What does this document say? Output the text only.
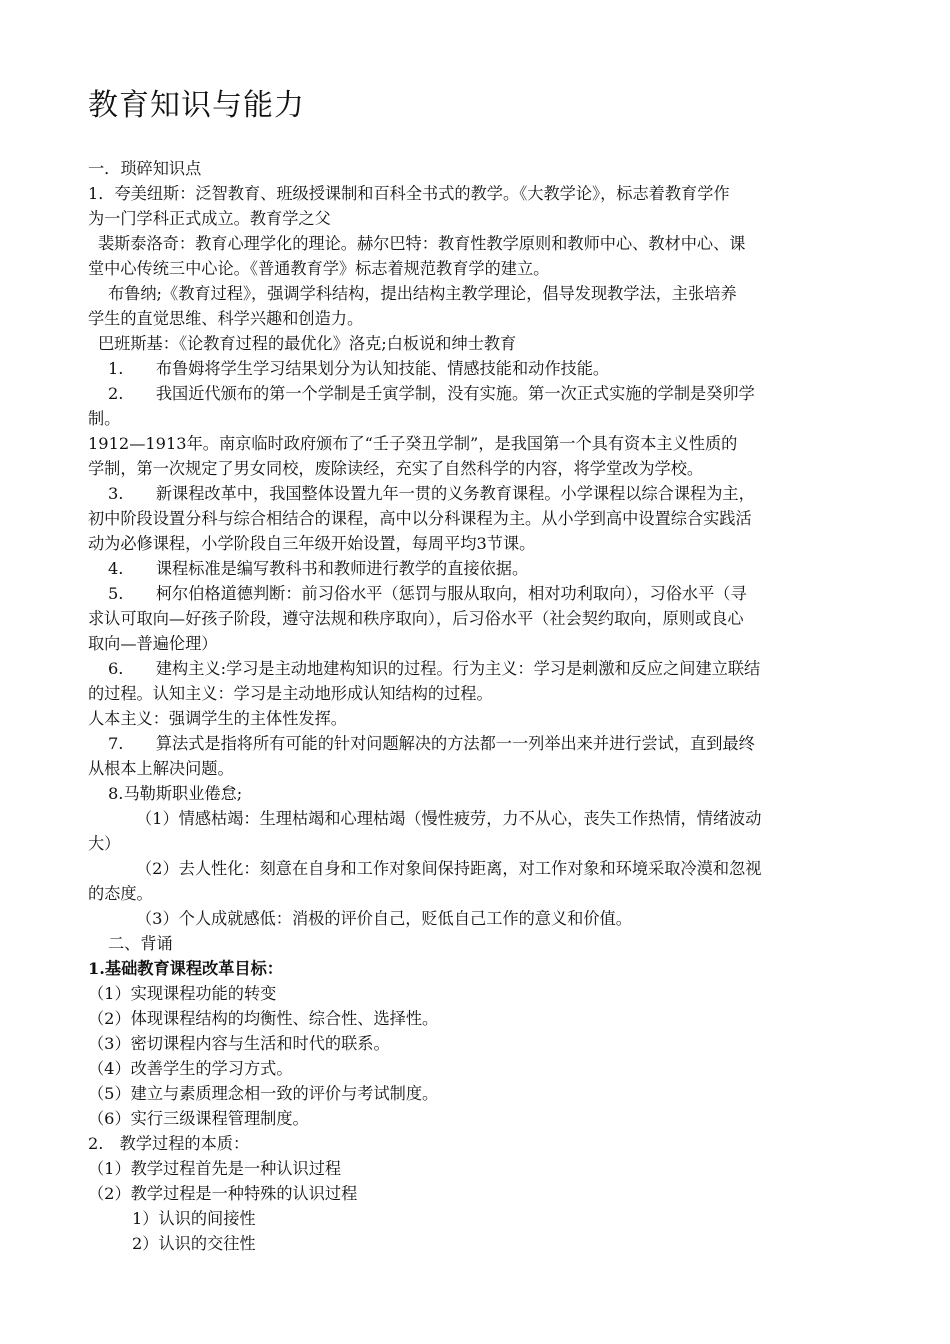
教育知识与能力
一．琐碎知识点
1．夸美纽斯：泛智教育、班级授课制和百科全书式的教学。《大教学论》，标志着教育学作
为一门学科正式成立。教育学之父
裴斯泰洛奇：教育心理学化的理论。赫尔巴特：教育性教学原则和教师中心、教材中心、课
堂中心传统三中心论。《普通教育学》标志着规范教育学的建立。
布鲁纳;《教育过程》，强调学科结构，提出结构主教学理论，倡导发现教学法，主张培养
学生的直觉思维、科学兴趣和创造力。
巴班斯基：《论教育过程的最优化》洛克;白板说和绅士教育
1.　　布鲁姆将学生学习结果划分为认知技能、情感技能和动作技能。
2.　　我国近代颁布的第一个学制是壬寅学制，没有实施。第一次正式实施的学制是癸卯学
制。
1912—1913年。南京临时政府颁布了“壬子癸丑学制”，是我国第一个具有资本主义性质的
学制，第一次规定了男女同校，废除读经，充实了自然科学的内容，将学堂改为学校。
3.　　新课程改革中，我国整体设置九年一贯的义务教育课程。小学课程以综合课程为主，
初中阶段设置分科与综合相结合的课程，高中以分科课程为主。从小学到高中设置综合实践活
动为必修课程，小学阶段自三年级开始设置，每周平均3节课。
4.　　课程标准是编写教科书和教师进行教学的直接依据。
5.　　柯尔伯格道德判断：前习俗水平（惩罚与服从取向，相对功利取向），习俗水平（寻
求认可取向—好孩子阶段，遵守法规和秩序取向），后习俗水平（社会契约取向，原则或良心
取向—普遍伦理）
6.　　建构主义:学习是主动地建构知识的过程。行为主义：学习是刺激和反应之间建立联结
的过程。认知主义：学习是主动地形成认知结构的过程。
人本主义：强调学生的主体性发挥。
7.　　算法式是指将所有可能的针对问题解决的方法都一一列举出来并进行尝试，直到最终
从根本上解决问题。
8.马勒斯职业倦怠;
（1）情感枯竭：生理枯竭和心理枯竭（慢性疲劳，力不从心，丧失工作热情，情绪波动
大）
（2）去人性化：刻意在自身和工作对象间保持距离，对工作对象和环境采取冷漠和忽视
的态度。
（3）个人成就感低：消极的评价自己，贬低自己工作的意义和价值。
二、背诵
1.基础教育课程改革目标：
（1）实现课程功能的转变
（2）体现课程结构的均衡性、综合性、选择性。
（3）密切课程内容与生活和时代的联系。
（4）改善学生的学习方式。
（5）建立与素质理念相一致的评价与考试制度。
（6）实行三级课程管理制度。
2.　教学过程的本质：
（1）教学过程首先是一种认识过程
（2）教学过程是一种特殊的认识过程
1）认识的间接性
2）认识的交往性
